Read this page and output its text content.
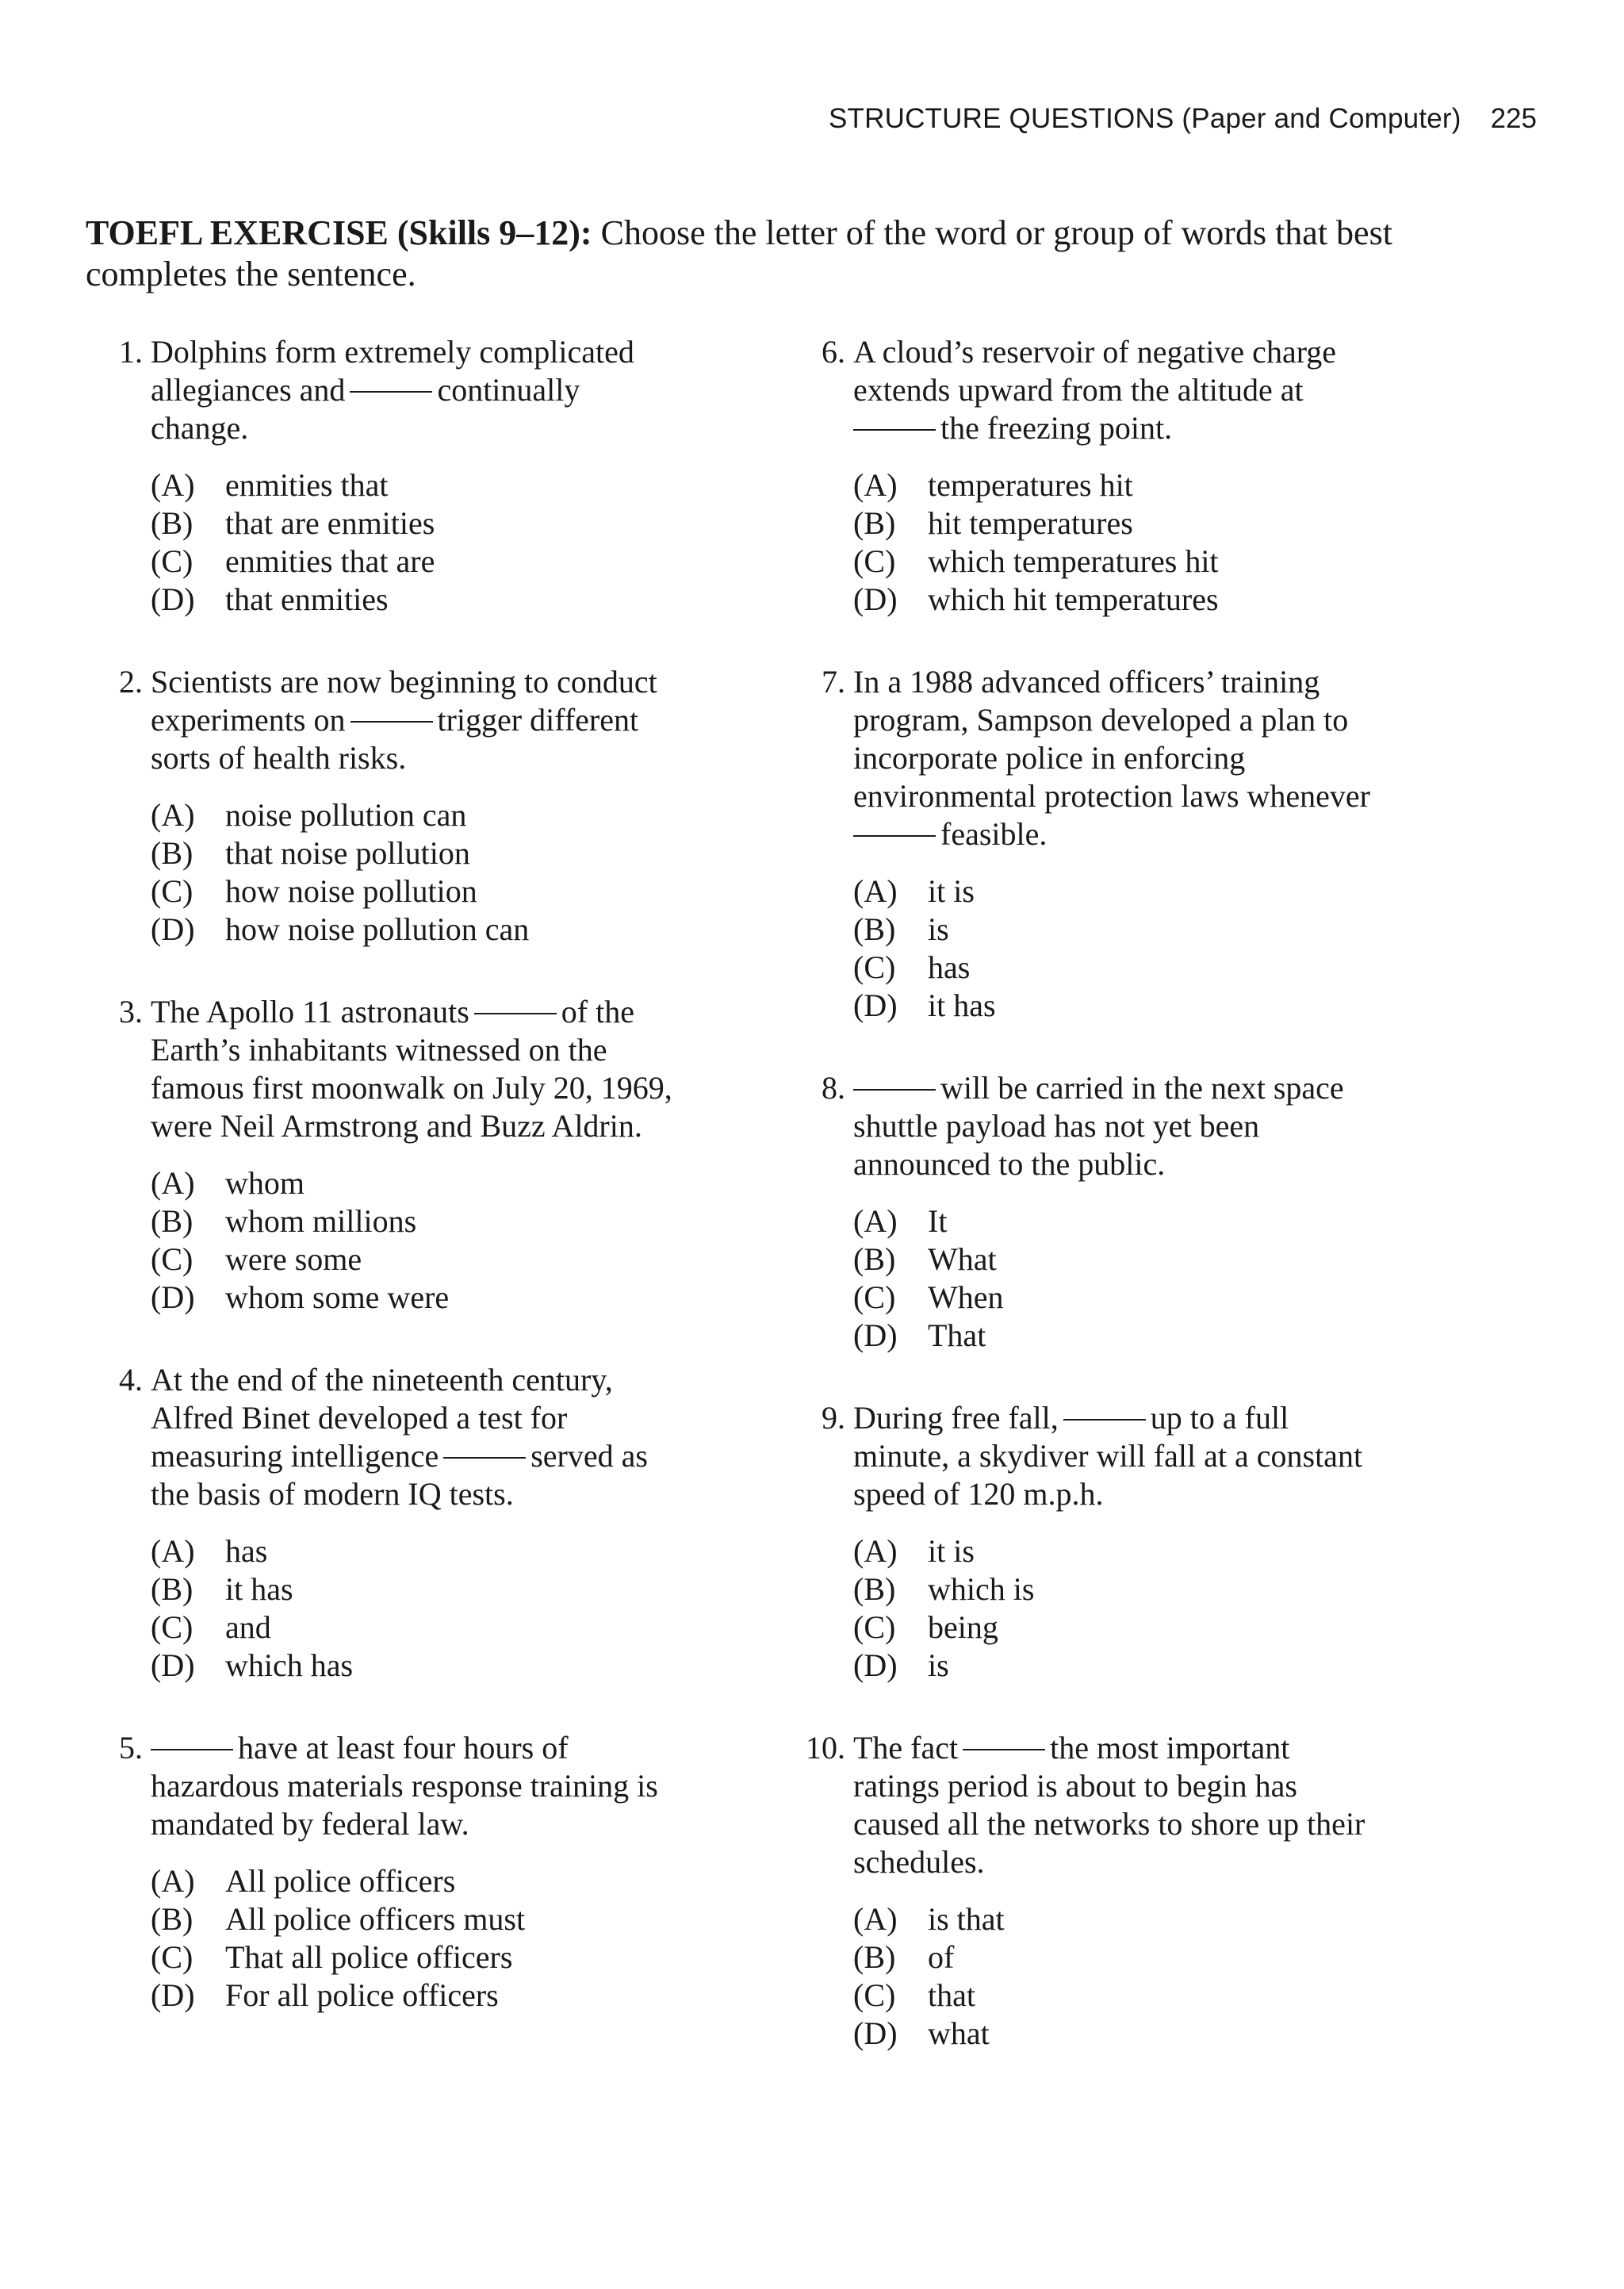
STRUCTURE QUESTIONS (Paper and Computer) 225
TOEFL EXERCISE (Skills 9–12): Choose the letter of the word or group of words that best completes the sentence.
1. Dolphins form extremely complicated
allegiances and	continually
change.
(A) enmities that
(B)	that are enmities
(C)	enmities that are
(D) that enmities
2. Scientists are now beginning to conduct
experiments on	trigger different
sorts of health risks.
(A) noise pollution can
(B)	that noise pollution
(C)	how noise pollution
(D) how noise pollution can
3. The Apollo 11 astronauts	of the
Earth’s inhabitants witnessed on the
famous first moonwalk on July 20, 1969,
were Neil Armstrong and Buzz Aldrin.
(A) whom
(B)	whom millions
(C)	were some
(D) whom some were
4. At the end of the nineteenth century,
Alfred Binet developed a test for
measuring intelligence	served as
the basis of modern IQ tests.
(A) has
(B)	it has
(C)	and
(D) which has
5.	have at least four hours of
hazardous materials response training is
mandated by federal law.
(A) All police officers
(B)	All police officers must
(C)	That all police officers
(D) For all police officers
6. A cloud’s reservoir of negative charge
extends upward from the altitude at
the freezing point.
(A) temperatures hit
(B)	hit temperatures
(C)	which temperatures hit
(D) which hit temperatures
7. In a 1988 advanced officers’ training
program, Sampson developed a plan to
incorporate police in enforcing
environmental protection laws whenever
feasible.
(A) it is
(B)	is
(C)	has
(D) it has
8.	will be carried in the next space
shuttle payload has not yet been
announced to the public.
(A) It
(B)	What
(C)	When
(D) That
9. During free fall,	up to a full
minute, a skydiver will fall at a constant
speed of 120 m.p.h.
(A) it is
(B)	which is
(C)	being
(D) is
10. The fact	the most important
ratings period is about to begin has
caused all the networks to shore up their
schedules.
(A) is that
(B)	of
(C)	that
(D) what
